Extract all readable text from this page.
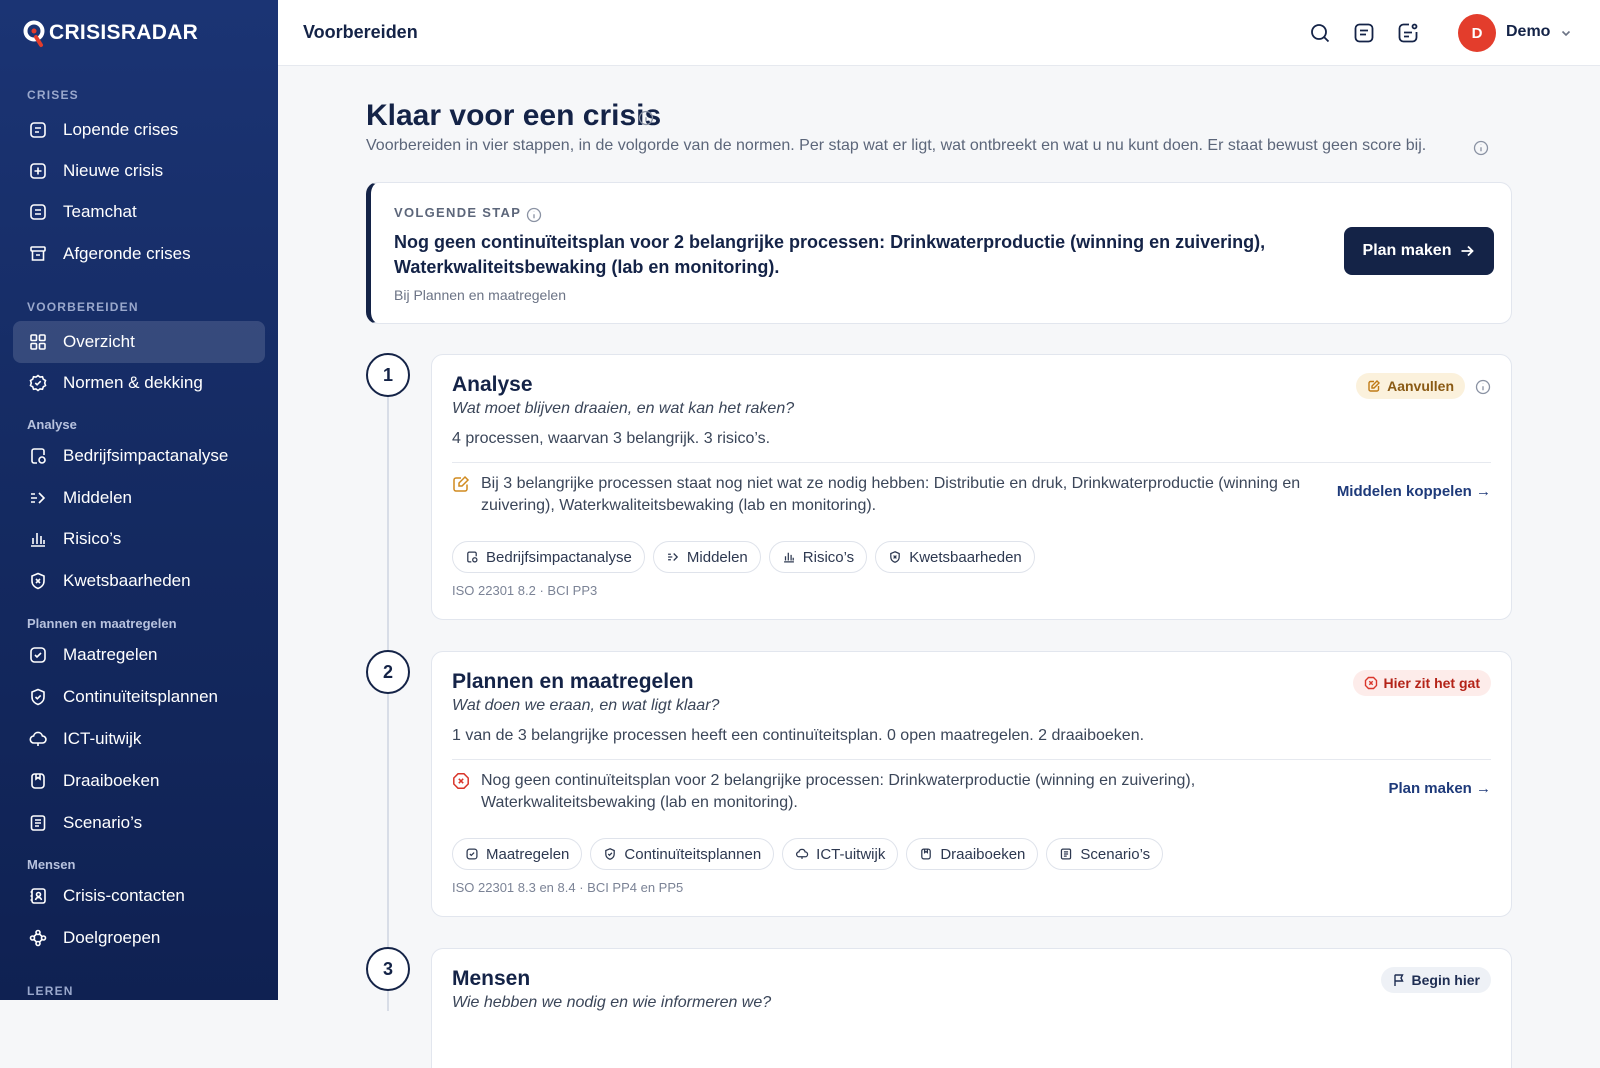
CRISISRADAR
CRISES
Lopende crises
Nieuwe crisis
Teamchat
Afgeronde crises
VOORBEREIDEN
Overzicht
Normen & dekking
Analyse
Bedrijfsimpactanalyse
Middelen
Risico’s
Kwetsbaarheden
Plannen en maatregelen
Maatregelen
Continuïteitsplannen
ICT-uitwijk
Draaiboeken
Scenario’s
Mensen
Crisis-contacten
Doelgroepen
LEREN
Voorbereiden	D	Demo
Klaar voor een crisis

Voorbereiden in vier stappen, in de volgorde van de normen. Per stap wat er ligt, wat ontbreekt en wat u nu kunt doen. Er staat bewust geen score bij.

VOLGENDE STAP
Nog geen continuïteitsplan voor 2 belangrijke processen: Drinkwaterproductie (winning en zuivering), Waterkwaliteitsbewaking (lab en monitoring).
Bij Plannen en maatregelen
Plan maken
1	Analyse	Aanvullen
Wat moet blijven draaien, en wat kan het raken?
4 processen, waarvan 3 belangrijk. 3 risico’s.
Bij 3 belangrijke processen staat nog niet wat ze nodig hebben: Distributie en druk, Drinkwaterproductie (winning en zuivering), Waterkwaliteitsbewaking (lab en monitoring).
Middelen koppelen →
Bedrijfsimpactanalyse	Middelen	Risico’s	Kwetsbaarheden
ISO 22301 8.2 · BCI PP3
2	Plannen en maatregelen	Hier zit het gat
Wat doen we eraan, en wat ligt klaar?
1 van de 3 belangrijke processen heeft een continuïteitsplan. 0 open maatregelen. 2 draaiboeken.
Nog geen continuïteitsplan voor 2 belangrijke processen: Drinkwaterproductie (winning en zuivering), Waterkwaliteitsbewaking (lab en monitoring).
Plan maken →
Maatregelen	Continuïteitsplannen	ICT-uitwijk	Draaiboeken	Scenario’s
ISO 22301 8.3 en 8.4 · BCI PP4 en PP5
3	Mensen	Begin hier
Wie hebben we nodig en wie informeren we?
